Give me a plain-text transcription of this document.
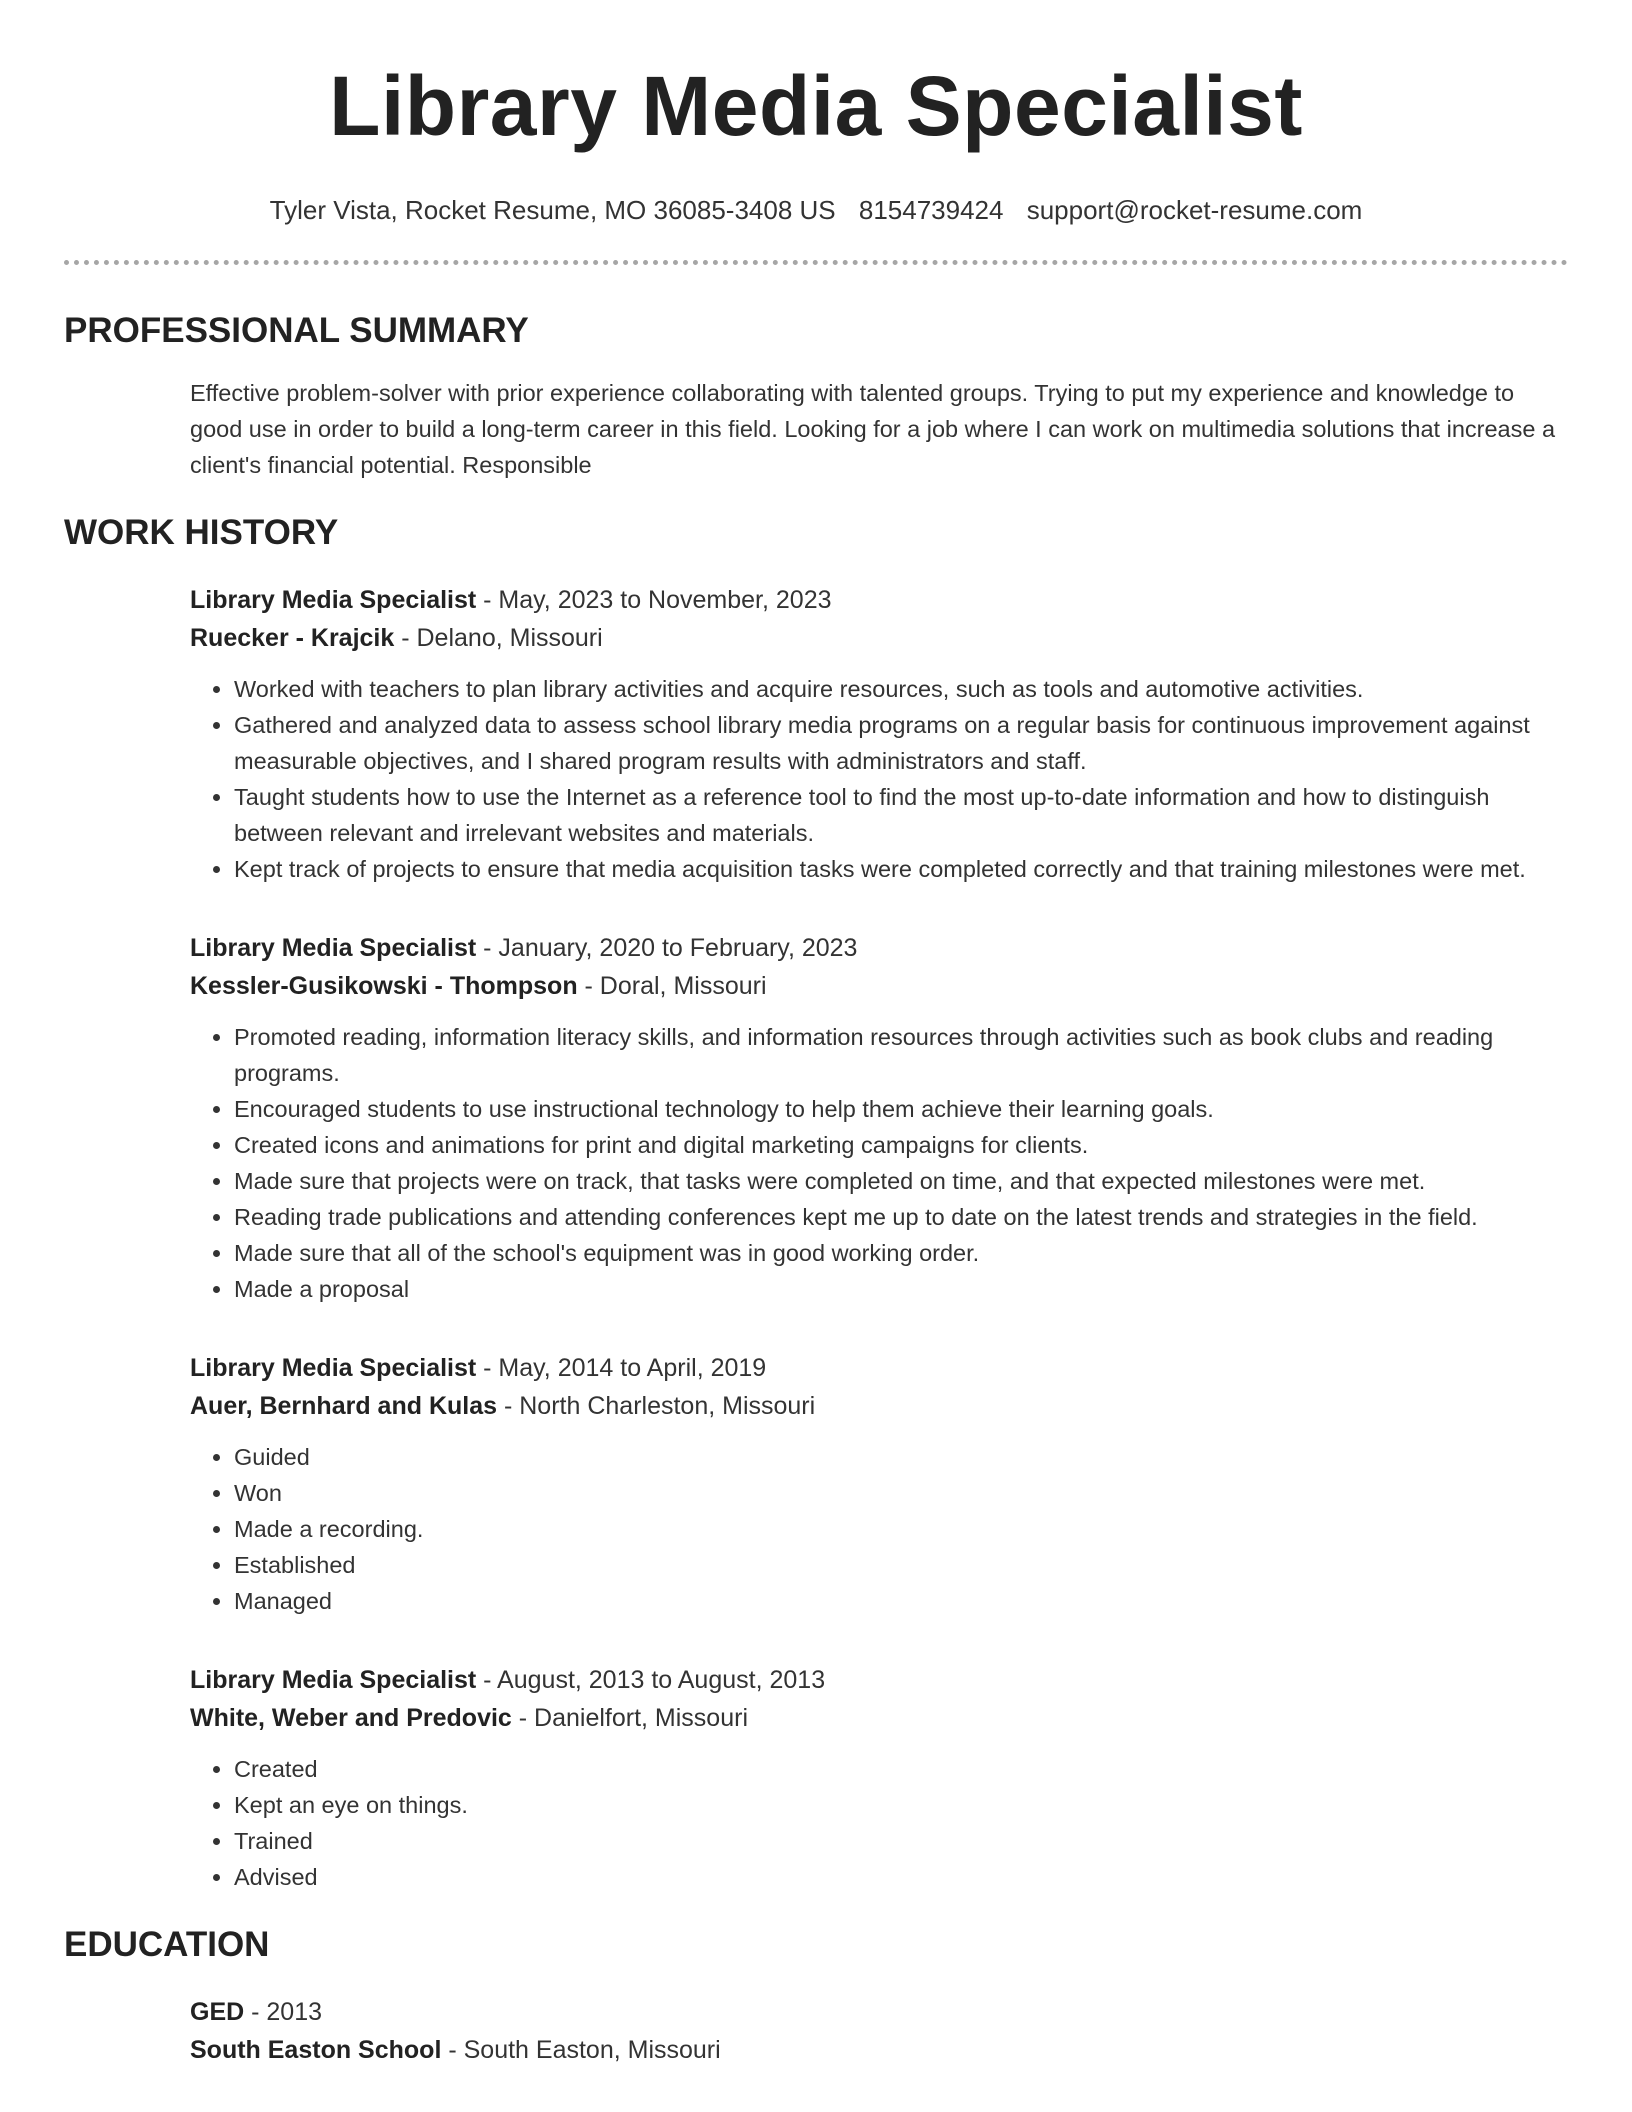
Library Media Specialist
Tyler Vista, Rocket Resume, MO 36085-3408 US 8154739424 support@rocket-resume.com
PROFESSIONAL SUMMARY

Effective problem-solver with prior experience collaborating with talented groups. Trying to put my experience and knowledge to good use in order to build a long-term career in this field. Looking for a job where I can work on multimedia solutions that increase a client's financial potential. Responsible

WORK HISTORY
Library Media Specialist - May, 2023 to November, 2023
Ruecker - Krajcik - Delano, Missouri
• Worked with teachers to plan library activities and acquire resources, such as tools and automotive activities.
• Gathered and analyzed data to assess school library media programs on a regular basis for continuous improvement against measurable objectives, and I shared program results with administrators and staff.
• Taught students how to use the Internet as a reference tool to find the most up-to-date information and how to distinguish between relevant and irrelevant websites and materials.
• Kept track of projects to ensure that media acquisition tasks were completed correctly and that training milestones were met.
Library Media Specialist - January, 2020 to February, 2023
Kessler-Gusikowski - Thompson - Doral, Missouri
• Promoted reading, information literacy skills, and information resources through activities such as book clubs and reading programs.
• Encouraged students to use instructional technology to help them achieve their learning goals.
• Created icons and animations for print and digital marketing campaigns for clients.
• Made sure that projects were on track, that tasks were completed on time, and that expected milestones were met.
• Reading trade publications and attending conferences kept me up to date on the latest trends and strategies in the field.
• Made sure that all of the school's equipment was in good working order.
• Made a proposal
Library Media Specialist - May, 2014 to April, 2019
Auer, Bernhard and Kulas - North Charleston, Missouri
• Guided
• Won
• Made a recording.
• Established
• Managed
Library Media Specialist - August, 2013 to August, 2013
White, Weber and Predovic - Danielfort, Missouri
• Created
• Kept an eye on things.
• Trained
• Advised
EDUCATION
GED - 2013
South Easton School - South Easton, Missouri
